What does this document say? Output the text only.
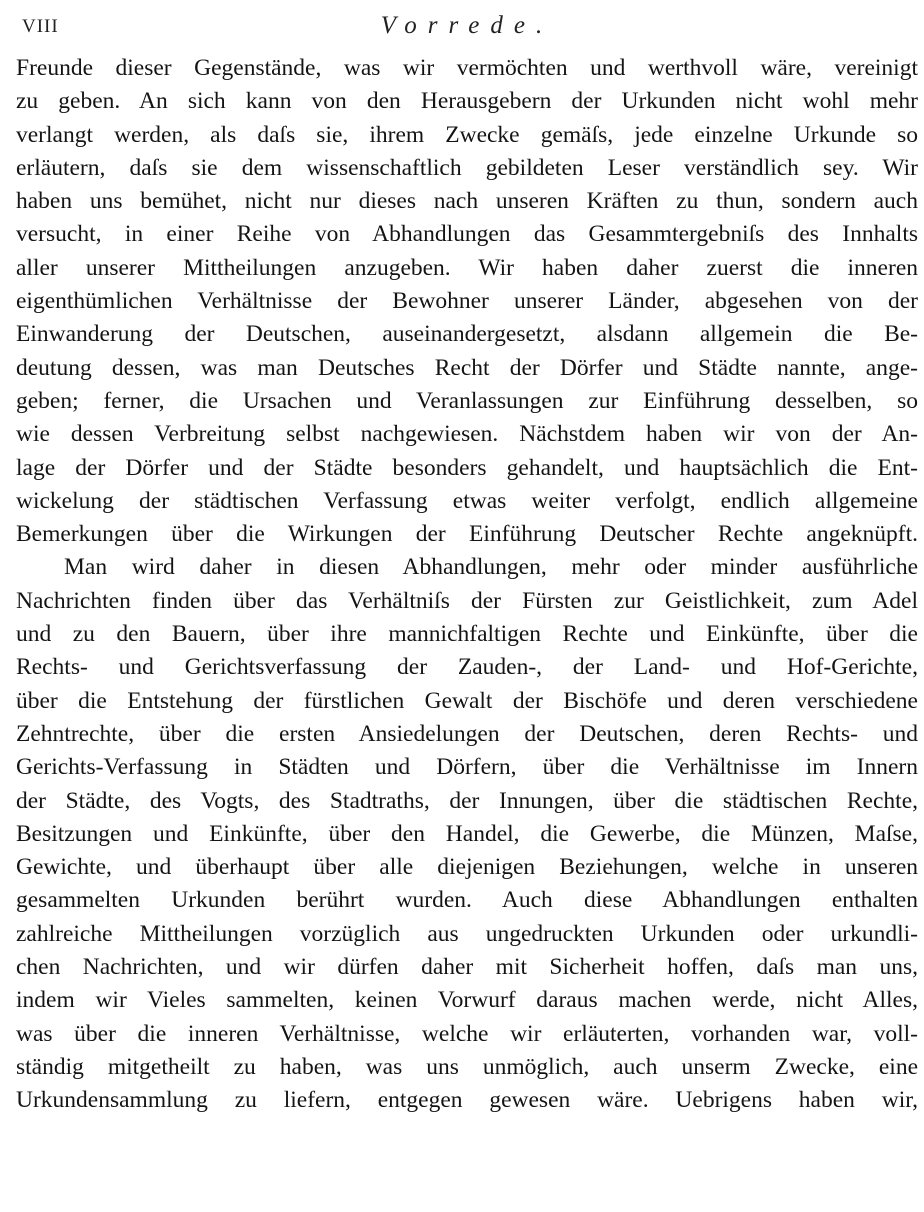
VIII	Vorrede.
Freunde dieser Gegenstände, was wir vermöchten und werthvoll wäre, vereinigt
zu geben. An sich kann von den Herausgebern der Urkunden nicht wohl mehr
verlangt werden, als daſs sie, ihrem Zwecke gemäſs, jede einzelne Urkunde so
erläutern, daſs sie dem wissenschaftlich gebildeten Leser verständlich sey. Wir
haben uns bemühet, nicht nur dieses nach unseren Kräften zu thun, sondern auch
versucht, in einer Reihe von Abhandlungen das Gesammtergebniſs des Innhalts
aller unserer Mittheilungen anzugeben. Wir haben daher zuerst die inneren
eigenthümlichen Verhältnisse der Bewohner unserer Länder, abgesehen von der
Einwanderung der Deutschen, auseinandergesetzt, alsdann allgemein die Be-
deutung dessen, was man Deutsches Recht der Dörfer und Städte nannte, ange-
geben; ferner, die Ursachen und Veranlassungen zur Einführung desselben, so
wie dessen Verbreitung selbst nachgewiesen. Nächstdem haben wir von der An-
lage der Dörfer und der Städte besonders gehandelt, und hauptsächlich die Ent-
wickelung der städtischen Verfassung etwas weiter verfolgt, endlich allgemeine
Bemerkungen über die Wirkungen der Einführung Deutscher Rechte angeknüpft.
Man wird daher in diesen Abhandlungen, mehr oder minder ausführliche
Nachrichten finden über das Verhältniſs der Fürsten zur Geistlichkeit, zum Adel
und zu den Bauern, über ihre mannichfaltigen Rechte und Einkünfte, über die
Rechts- und Gerichtsverfassung der Zauden-, der Land- und Hof-Gerichte,
über die Entstehung der fürstlichen Gewalt der Bischöfe und deren verschiedene
Zehntrechte, über die ersten Ansiedelungen der Deutschen, deren Rechts- und
Gerichts-Verfassung in Städten und Dörfern, über die Verhältnisse im Innern
der Städte, des Vogts, des Stadtraths, der Innungen, über die städtischen Rechte,
Besitzungen und Einkünfte, über den Handel, die Gewerbe, die Münzen, Maſse,
Gewichte, und überhaupt über alle diejenigen Beziehungen, welche in unseren
gesammelten Urkunden berührt wurden. Auch diese Abhandlungen enthalten
zahlreiche Mittheilungen vorzüglich aus ungedruckten Urkunden oder urkundli-
chen Nachrichten, und wir dürfen daher mit Sicherheit hoffen, daſs man uns,
indem wir Vieles sammelten, keinen Vorwurf daraus machen werde, nicht Alles,
was über die inneren Verhältnisse, welche wir erläuterten, vorhanden war, voll-
ständig mitgetheilt zu haben, was uns unmöglich, auch unserm Zwecke, eine
Urkundensammlung zu liefern, entgegen gewesen wäre. Uebrigens haben wir,
